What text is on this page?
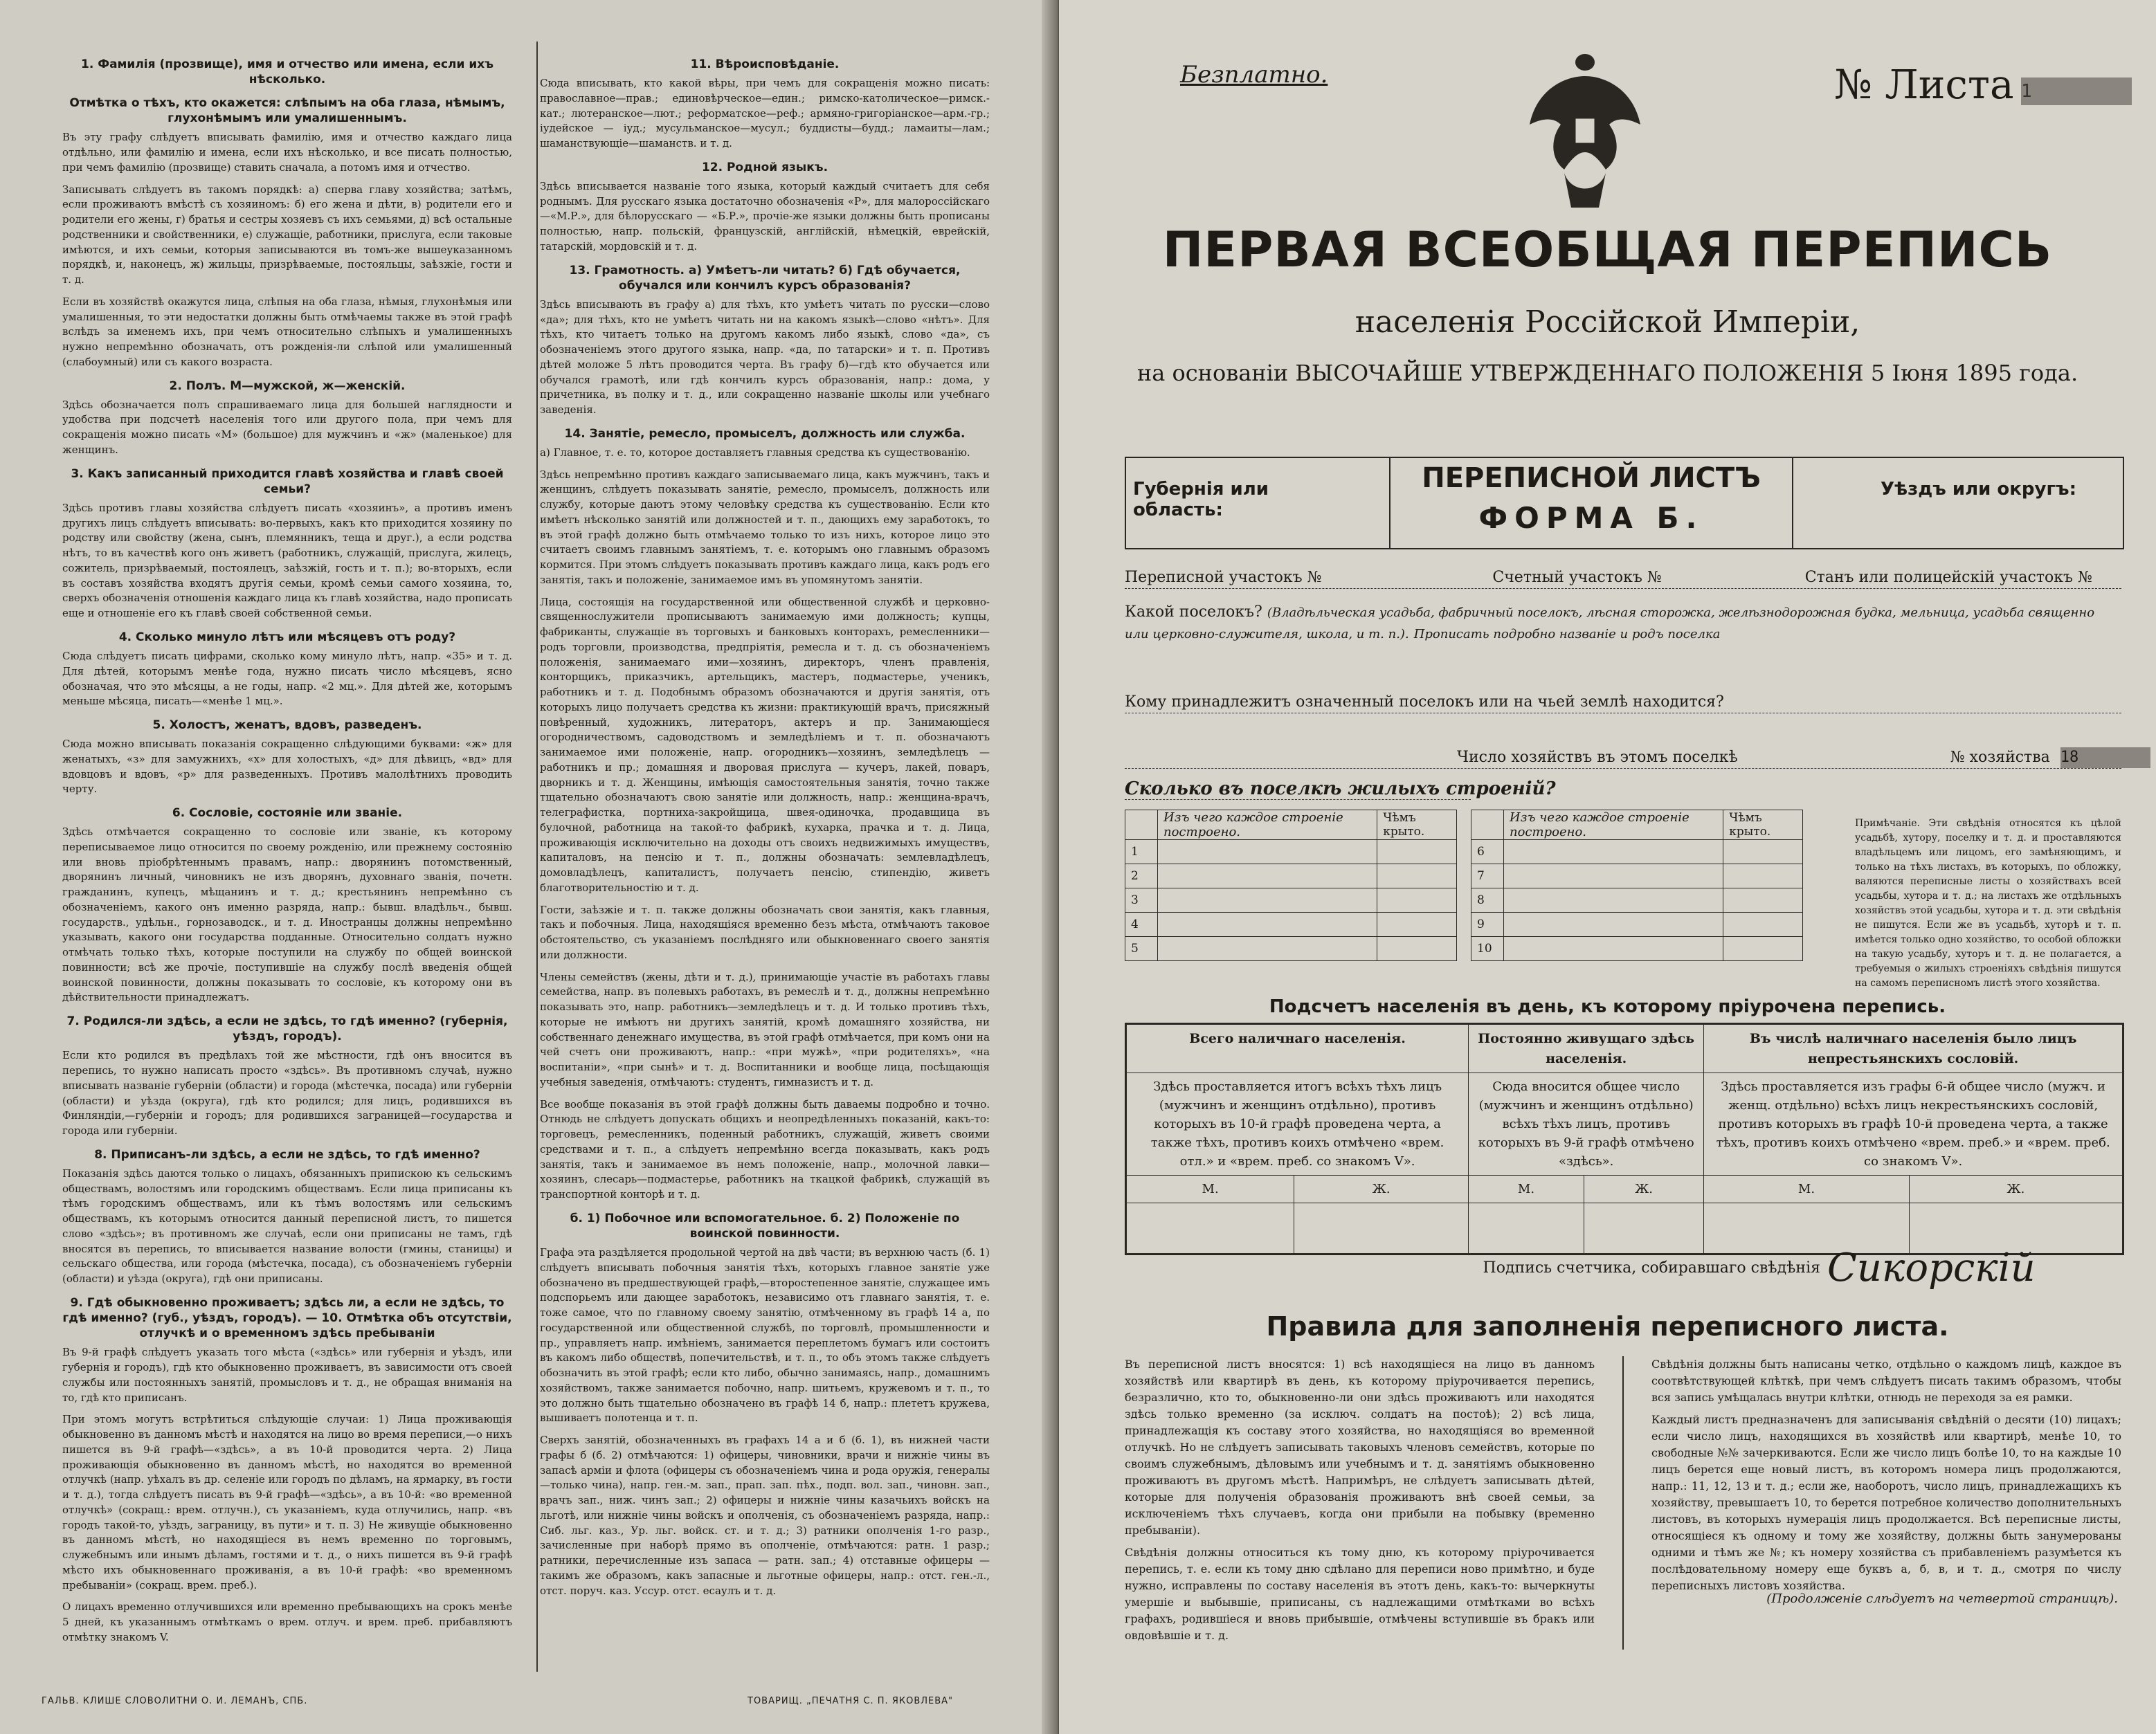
1. Фамилія (прозвище), имя и отчество или имена, если ихъ нѣсколько.
Отмѣтка о тѣхъ, кто окажется: слѣпымъ на оба глаза, нѣмымъ, глухонѣмымъ или умалишеннымъ.

Въ эту графу слѣдуетъ вписывать фамилію, имя и отчество каждаго лица отдѣльно, или фамилію и имена, если ихъ нѣсколько, и все писать полностью, при чемъ фамилію (прозвище) ставить сначала, а потомъ имя и отчество.

Записывать слѣдуетъ въ такомъ порядкѣ: а) сперва главу хозяйства; затѣмъ, если проживаютъ вмѣстѣ съ хозяиномъ: б) его жена и дѣти, в) родители его и родители его жены, г) братья и сестры хозяевъ съ ихъ семьями, д) всѣ остальные родственники и свойственники, е) служащіе, работники, прислуга, если таковые имѣются, и ихъ семьи, которыя записываются въ томъ-же вышеуказанномъ порядкѣ, и, наконецъ, ж) жильцы, призрѣваемые, постояльцы, заѣзжіе, гости и т. д.

Если въ хозяйствѣ окажутся лица, слѣпыя на оба глаза, нѣмыя, глухонѣмыя или умалишенныя, то эти недостатки должны быть отмѣчаемы также въ этой графѣ вслѣдъ за именемъ ихъ, при чемъ относительно слѣпыхъ и умалишенныхъ нужно непремѣнно обозначать, отъ рожденія-ли слѣпой или умалишенный (слабоумный) или съ какого возраста.

2. Полъ. М—мужской, ж—женскій.

Здѣсь обозначается полъ спрашиваемаго лица для большей наглядности и удобства при подсчетѣ населенія того или другого пола, при чемъ для сокращенія можно писать «М» (большое) для мужчинъ и «ж» (маленькое) для женщинъ.

3. Какъ записанный приходится главѣ хозяйства и главѣ своей семьи?

Здѣсь противъ главы хозяйства слѣдуетъ писать «хозяинъ», а противъ именъ другихъ лицъ слѣдуетъ вписывать: во-первыхъ, какъ кто приходится хозяину по родству или свойству (жена, сынъ, племянникъ, теща и друг.), а если родства нѣтъ, то въ качествѣ кого онъ живетъ (работникъ, служащій, прислуга, жилецъ, сожитель, призрѣваемый, постоялецъ, заѣзжій, гость и т. п.); во-вторыхъ, если въ составъ хозяйства входятъ другія семьи, кромѣ семьи самого хозяина, то, сверхъ обозначенія отношенія каждаго лица къ главѣ хозяйства, надо прописать еще и отношеніе его къ главѣ своей собственной семьи.

4. Сколько минуло лѣтъ или мѣсяцевъ отъ роду?

Сюда слѣдуетъ писать цифрами, сколько кому минуло лѣтъ, напр. «35» и т. д. Для дѣтей, которымъ менѣе года, нужно писать число мѣсяцевъ, ясно обозначая, что это мѣсяцы, а не годы, напр. «2 мц.». Для дѣтей же, которымъ меньше мѣсяца, писать—«менѣе 1 мц.».

5. Холостъ, женатъ, вдовъ, разведенъ.

Сюда можно вписывать показанія сокращенно слѣдующими буквами: «ж» для женатыхъ, «з» для замужнихъ, «х» для холостыхъ, «д» для дѣвицъ, «вд» для вдовцовъ и вдовъ, «р» для разведенныхъ. Противъ малолѣтнихъ проводить черту.

6. Сословіе, состояніе или званіе.

Здѣсь отмѣчается сокращенно то сословіе или званіе, къ которому переписываемое лицо относится по своему рожденію, или прежнему состоянію или вновь пріобрѣтеннымъ правамъ, напр.: дворянинъ потомственный, дворянинъ личный, чиновникъ не изъ дворянъ, духовнаго званія, почетн. гражданинъ, купецъ, мѣщанинъ и т. д.; крестьянинъ непремѣнно съ обозначеніемъ, какого онъ именно разряда, напр.: бывш. владѣльч., бывш. государств., удѣльн., горнозаводск., и т. д. Иностранцы должны непремѣнно указывать, какого они государства подданные. Относительно солдатъ нужно отмѣчать только тѣхъ, которые поступили на службу по общей воинской повинности; всѣ же прочіе, поступившіе на службу послѣ введенія общей воинской повинности, должны показывать то сословіе, къ которому они въ дѣйствительности принадлежатъ.

7. Родился-ли здѣсь, а если не здѣсь, то гдѣ именно? (губернія, уѣздъ, городъ).

Если кто родился въ предѣлахъ той же мѣстности, гдѣ онъ вносится въ перепись, то нужно написать просто «здѣсь». Въ противномъ случаѣ, нужно вписывать названіе губерніи (области) и города (мѣстечка, посада) или губерніи (области) и уѣзда (округа), гдѣ кто родился; для лицъ, родившихся въ Финляндіи,—губерніи и городъ; для родившихся заграницей—государства и города или губерніи.

8. Приписанъ-ли здѣсь, а если не здѣсь, то гдѣ именно?

Показанія здѣсь даются только о лицахъ, обязанныхъ припискою къ сельскимъ обществамъ, волостямъ или городскимъ обществамъ. Если лица приписаны къ тѣмъ городскимъ обществамъ, или къ тѣмъ волостямъ или сельскимъ обществамъ, къ которымъ относится данный переписной листъ, то пишется слово «здѣсь»; въ противномъ же случаѣ, если они приписаны не тамъ, гдѣ вносятся въ перепись, то вписывается название волости (гмины, станицы) и сельскаго общества, или города (мѣстечка, посада), съ обозначеніемъ губерніи (области) и уѣзда (округа), гдѣ они приписаны.

9. Гдѣ обыкновенно проживаетъ; здѣсь ли, а если не здѣсь, то гдѣ именно? (губ., уѣздъ, городъ). — 10. Отмѣтка объ отсутствіи, отлучкѣ и о временномъ здѣсь пребываніи

Въ 9-й графѣ слѣдуетъ указать того мѣста («здѣсь» или губернія и уѣздъ, или губернія и городъ), гдѣ кто обыкновенно проживаетъ, въ зависимости отъ своей службы или постоянныхъ занятій, промысловъ и т. д., не обращая вниманія на то, гдѣ кто приписанъ.

При этомъ могутъ встрѣтиться слѣдующіе случаи: 1) Лица проживающія обыкновенно въ данномъ мѣстѣ и находятся на лицо во время переписи,—о нихъ пишется въ 9-й графѣ—«здѣсь», а въ 10-й проводится черта. 2) Лица проживающія обыкновенно въ данномъ мѣстѣ, но находятся во временной отлучкѣ (напр. уѣхалъ въ др. селеніе или городъ по дѣламъ, на ярмарку, въ гости и т. д.), тогда слѣдуетъ писать въ 9-й графѣ—«здѣсь», а въ 10-й: «во временной отлучкѣ» (сокращ.: врем. отлучн.), съ указаніемъ, куда отлучились, напр. «въ городъ такой-то, уѣздъ, заграницу, въ пути» и т. п. 3) Не живущіе обыкновенно въ данномъ мѣстѣ, но находящіеся въ немъ временно по торговымъ, служебнымъ или инымъ дѣламъ, гостями и т. д., о нихъ пишется въ 9-й графѣ мѣсто ихъ обыкновеннаго проживанія, а въ 10-й графѣ: «во временномъ пребываніи» (сокращ. врем. преб.).

О лицахъ временно отлучившихся или временно пребывающихъ на срокъ менѣе 5 дней, къ указаннымъ отмѣткамъ о врем. отлуч. и врем. преб. прибавляютъ отмѣтку знакомъ V.

11. Вѣроисповѣданіе.

Сюда вписывать, кто какой вѣры, при чемъ для сокращенія можно писать: православное—прав.; единовѣрческое—един.; римско-католическое—римск.-кат.; лютеранское—лют.; реформатское—реф.; армяно-григоріанское—арм.-гр.; іудейское — іуд.; мусульманское—мусул.; буддисты—будд.; ламаиты—лам.; шаманствующіе—шаманств. и т. д.

12. Родной языкъ.

Здѣсь вписывается названіе того языка, который каждый считаетъ для себя роднымъ. Для русскаго языка достаточно обозначенія «Р», для малороссійскаго—«М.Р.», для бѣлорусскаго — «Б.Р.», прочіе-же языки должны быть прописаны полностью, напр. польскій, французскій, англійскій, нѣмецкій, еврейскій, татарскій, мордовскій и т. д.

13. Грамотность. а) Умѣетъ-ли читать? б) Гдѣ обучается, обучался или кончилъ курсъ образованія?

Здѣсь вписывають въ графу а) для тѣхъ, кто умѣетъ читать по русски—слово «да»; для тѣхъ, кто не умѣетъ читать ни на какомъ языкѣ—слово «нѣтъ». Для тѣхъ, кто читаетъ только на другомъ какомъ либо языкѣ, слово «да», съ обозначеніемъ этого другого языка, напр. «да, по татарски» и т. п. Противъ дѣтей моложе 5 лѣтъ проводится черта. Въ графу б)—гдѣ кто обучается или обучался грамотѣ, или гдѣ кончилъ курсъ образованія, напр.: дома, у причетника, въ полку и т. д., или сокращенно названіе школы или учебнаго заведенія.

14. Занятіе, ремесло, промыселъ, должность или служба.

а) Главное, т. е. то, которое доставляетъ главныя средства къ существованію.

Здѣсь непремѣнно противъ каждаго записываемаго лица, какъ мужчинъ, такъ и женщинъ, слѣдуетъ показывать занятіе, ремесло, промыселъ, должность или службу, которые даютъ этому человѣку средства къ существованію. Если кто имѣетъ нѣсколько занятій или должностей и т. п., дающихъ ему заработокъ, то въ этой графѣ должно быть отмѣчаемо только то изъ нихъ, которое лицо это считаетъ своимъ главнымъ занятіемъ, т. е. которымъ оно главнымъ образомъ кормится. При этомъ слѣдуетъ показывать противъ каждаго лица, какъ родъ его занятія, такъ и положеніе, занимаемое имъ въ упомянутомъ занятіи.

Лица, состоящія на государственной или общественной службѣ и церковно-священнослужители прописываютъ занимаемую ими должность; купцы, фабриканты, служащіе въ торговыхъ и банковыхъ конторахъ, ремесленники—родъ торговли, производства, предпріятія, ремесла и т. д. съ обозначеніемъ положенія, занимаемаго ими—хозяинъ, директоръ, членъ правленія, конторщикъ, приказчикъ, артельщикъ, мастеръ, подмастерье, ученикъ, работникъ и т. д. Подобнымъ образомъ обозначаются и другія занятія, отъ которыхъ лицо получаетъ средства къ жизни: практикующій врачъ, присяжный повѣренный, художникъ, литераторъ, актеръ и пр. Занимающіеся огородничествомъ, садоводствомъ и земледѣліемъ и т. п. обозначаютъ занимаемое ими положеніе, напр. огородникъ—хозяинъ, земледѣлецъ — работникъ и пр.; домашняя и дворовая прислуга — кучеръ, лакей, поваръ, дворникъ и т. д. Женщины, имѣющія самостоятельныя занятія, точно также тщательно обозначаютъ свою занятіе или должность, напр.: женщина-врачъ, телеграфистка, портниха-закройщица, швея-одиночка, продавщица въ булочной, работница на такой-то фабрикѣ, кухарка, прачка и т. д. Лица, проживающія исключительно на доходы отъ своихъ недвижимыхъ имуществъ, капиталовъ, на пенсію и т. п., должны обозначать: землевладѣлецъ, домовладѣлецъ, капиталистъ, получаетъ пенсію, стипендію, живетъ благотворительностію и т. д.

Гости, заѣзжіе и т. п. также должны обозначать свои занятія, какъ главныя, такъ и побочныя. Лица, находящіяся временно безъ мѣста, отмѣчаютъ таковое обстоятельство, съ указаніемъ послѣдняго или обыкновеннаго своего занятія или должности.

Члены семействъ (жены, дѣти и т. д.), принимающіе участіе въ работахъ главы семейства, напр. въ полевыхъ работахъ, въ ремеслѣ и т. д., должны непремѣнно показывать это, напр. работникъ—земледѣлецъ и т. д. И только противъ тѣхъ, которые не имѣютъ ни другихъ занятій, кромѣ домашняго хозяйства, ни собственнаго денежнаго имущества, въ этой графѣ отмѣчается, при комъ они на чей счетъ они проживаютъ, напр.: «при мужѣ», «при родителяхъ», «на воспитаніи», «при сынѣ» и т. д. Воспитанники и вообще лица, посѣщающія учебныя заведенія, отмѣчаютъ: студентъ, гимназистъ и т. д.

Все вообще показанія въ этой графѣ должны быть даваемы подробно и точно. Отнюдь не слѣдуетъ допускать общихъ и неопредѣленныхъ показаній, какъ-то: торговецъ, ремесленникъ, поденный работникъ, служащій, живетъ своими средствами и т. п., а слѣдуетъ непремѣнно всегда показывать, какъ родъ занятія, такъ и занимаемое въ немъ положеніе, напр., молочной лавки—хозяинъ, слесарь—подмастерье, работникъ на ткацкой фабрикѣ, служащій въ транспортной конторѣ и т. д.

б. 1) Побочное или вспомогательное. б. 2) Положеніе по воинской повинности.

Графа эта раздѣляется продольной чертой на двѣ части; въ верхнюю часть (б. 1) слѣдуетъ вписывать побочныя занятія тѣхъ, которыхъ главное занятіе уже обозначено въ предшествующей графѣ,—второстепенное занятіе, служащее имъ подспорьемъ или дающее заработокъ, независимо отъ главнаго занятія, т. е. тоже самое, что по главному своему занятію, отмѣченному въ графѣ 14 а, по государственной или общественной службѣ, по торговлѣ, промышленности и пр., управляетъ напр. имѣніемъ, занимается переплетомъ бумагъ или состоитъ въ какомъ либо обществѣ, попечительствѣ, и т. п., то объ этомъ также слѣдуетъ обозначить въ этой графѣ; если кто либо, обычно занимаясь, напр., домашнимъ хозяйствомъ, также занимается побочно, напр. шитьемъ, кружевомъ и т. п., то это должно быть тщательно обозначено въ графѣ 14 б, напр.: плететъ кружева, вышиваетъ полотенца и т. п.

Сверхъ занятій, обозначенныхъ въ графахъ 14 а и б (б. 1), въ нижней части графы б (б. 2) отмѣчаются: 1) офицеры, чиновники, врачи и нижніе чины въ запасѣ арміи и флота (офицеры съ обозначеніемъ чина и рода оружія, генералы—только чина), напр. ген.-м. зап., прап. зап. пѣх., подп. вол. зап., чиновн. зап., врачъ зап., ниж. чинъ зап.; 2) офицеры и нижніе чины казачьихъ войскъ на льготѣ, или нижніе чины войскъ и ополченія, съ обозначеніемъ разряда, напр.: Сиб. льг. каз., Ур. льг. войск. ст. и т. д.; 3) ратники ополченія 1-го разр., зачисленные при наборѣ прямо въ ополченіе, отмѣчаются: ратн. 1 разр.; ратники, перечисленные изъ запаса — ратн. зап.; 4) отставные офицеры — такимъ же образомъ, какъ запасные и льготные офицеры, напр.: отст. ген.-л., отст. поруч. каз. Уссур. отст. есаулъ и т. д.

ГАЛЬВ. КЛИШЕ СЛОВОЛИТНИ О. И. ЛЕМАНЪ, СПБ.	ТОВАРИЩ. „ПЕЧАТНЯ С. П. ЯКОВЛЕВА"
Безплатно.	№ Листа 1
ПЕРВАЯ ВСЕОБЩАЯ ПЕРЕПИСЬ
населенія Россійской Имперіи,
на основаніи ВЫСОЧАЙШЕ УТВЕРЖДЕННАГО ПОЛОЖЕНІЯ 5 Іюня 1895 года.
Губернія или область:
ПЕРЕПИСНОЙ ЛИСТЪ
ФОРМА Б.
Уѣздъ или округъ:
Переписной участокъ №	Счетный участокъ №	Станъ или полицейскій участокъ №
Какой поселокъ? (Владѣльческая усадьба, фабричный поселокъ, лѣсная сторожка, желѣзнодорожная будка, мельница, усадьба священно или церковно-служителя, школа, и т. п.). Прописать подробно названіе и родъ поселка
Кому принадлежитъ означенный поселокъ или на чьей землѣ находится?
Число хозяйствъ въ этомъ поселкѣ	№ хозяйства 18
Сколько въ поселкѣ жилыхъ строеній?
	Изъ чего каждое строеніе построено.	Чѣмъ крыто.
1		
2		
3		
4		
5		
	Изъ чего каждое строеніе построено.	Чѣмъ крыто.
6		
7		
8		
9		
10		
Примѣчаніе. Эти свѣдѣнія относятся къ цѣлой усадьбѣ, хутору, поселку и т. д. и проставляются владѣльцемъ или лицомъ, его замѣняющимъ, и только на тѣхъ листахъ, въ которыхъ, по обложку, валяются переписные листы о хозяйствахъ всей усадьбы, хутора и т. д.; на листахъ же отдѣльныхъ хозяйствъ этой усадьбы, хутора и т. д. эти свѣдѣнія не пишутся. Если же въ усадьбѣ, хуторѣ и т. п. имѣется только одно хозяйство, то особой обложки на такую усадьбу, хуторъ и т. д. не полагается, а требуемыя о жилыхъ строеніяхъ свѣдѣнія пишутся на самомъ переписномъ листѣ этого хозяйства.
Подсчетъ населенія въ день, къ которому пріурочена перепись.
Всего наличнаго населенія.		Постоянно живущаго здѣсь населенія.		Въ числѣ наличнаго населенія было лицъ непрестьянскихъ сословій.	
Здѣсь проставляется итогъ всѣхъ тѣхъ лицъ (мужчинъ и женщинъ отдѣльно), противъ которыхъ въ 10-й графѣ проведена черта, а также тѣхъ, противъ коихъ отмѣчено «врем. отл.» и «врем. преб. со знакомъ V».		Сюда вносится общее число (мужчинъ и женщинъ отдѣльно) всѣхъ тѣхъ лицъ, противъ которыхъ въ 9-й графѣ отмѣчено «здѣсь».		Здѣсь проставляется изъ графы 6-й общее число (мужч. и женщ. отдѣльно) всѣхъ лицъ некрестьянскихъ сословій, противъ которыхъ въ графѣ 10-й проведена черта, а также тѣхъ, противъ коихъ отмѣчено «врем. преб.» и «врем. преб. со знакомъ V».	
М.	Ж.	М.	Ж.	М.	Ж.

Подпись счетчика, собиравшаго свѣдѣнія Сикорскій
Правила для заполненія переписного листа.

Въ переписной листъ вносятся: 1) всѣ находящіеся на лицо въ данномъ хозяйствѣ или квартирѣ въ день, къ которому пріурочивается перепись, безразлично, кто то, обыкновенно-ли они здѣсь проживаютъ или находятся здѣсь только временно (за исключ. солдатъ на постоѣ); 2) всѣ лица, принадлежащія къ составу этого хозяйства, но находящіяся во временной отлучкѣ. Но не слѣдуетъ записывать таковыхъ членовъ семействъ, которые по своимъ служебнымъ, дѣловымъ или учебнымъ и т. д. занятіямъ обыкновенно проживаютъ въ другомъ мѣстѣ. Напримѣръ, не слѣдуетъ записывать дѣтей, которые для полученія образованія проживаютъ внѣ своей семьи, за исключеніемъ тѣхъ случаевъ, когда они прибыли на побывку (временно пребываніи).

Свѣдѣнія должны относиться къ тому дню, къ которому пріурочивается перепись, т. е. если къ тому дню сдѣлано для переписи ново примѣтно, и буде нужно, исправлены по составу населенія въ этотъ день, какъ-то: вычеркнуты умершіе и выбывшіе, приписаны, съ надлежащими отмѣтками во всѣхъ графахъ, родившіеся и вновь прибывшіе, отмѣчены вступившіе въ бракъ или овдовѣвшіе и т. д.

Свѣдѣнія должны быть написаны четко, отдѣльно о каждомъ лицѣ, каждое въ соотвѣтствующей клѣткѣ, при чемъ слѣдуетъ писать такимъ образомъ, чтобы вся запись умѣщалась внутри клѣтки, отнюдь не переходя за ея рамки.

Каждый листъ предназначенъ для записыванія свѣдѣній о десяти (10) лицахъ; если число лицъ, находящихся въ хозяйствѣ или квартирѣ, менѣе 10, то свободные №№ зачеркиваются. Если же число лицъ болѣе 10, то на каждые 10 лицъ берется еще новый листъ, въ которомъ номера лицъ продолжаются, напр.: 11, 12, 13 и т. д.; если же, наоборотъ, число лицъ, принадлежащихъ къ хозяйству, превышаетъ 10, то берется потребное количество дополнительныхъ листовъ, въ которыхъ нумерація лицъ продолжается. Всѣ переписные листы, относящіеся къ одному и тому же хозяйству, должны быть занумерованы одними и тѣмъ же №; къ номеру хозяйства съ прибавленіемъ разумѣется къ послѣдовательному номеру еще буквъ а, б, в, и т. д., смотря по числу переписныхъ листовъ хозяйства.

(Продолженіе слѣдуетъ на четвертой страницѣ).
